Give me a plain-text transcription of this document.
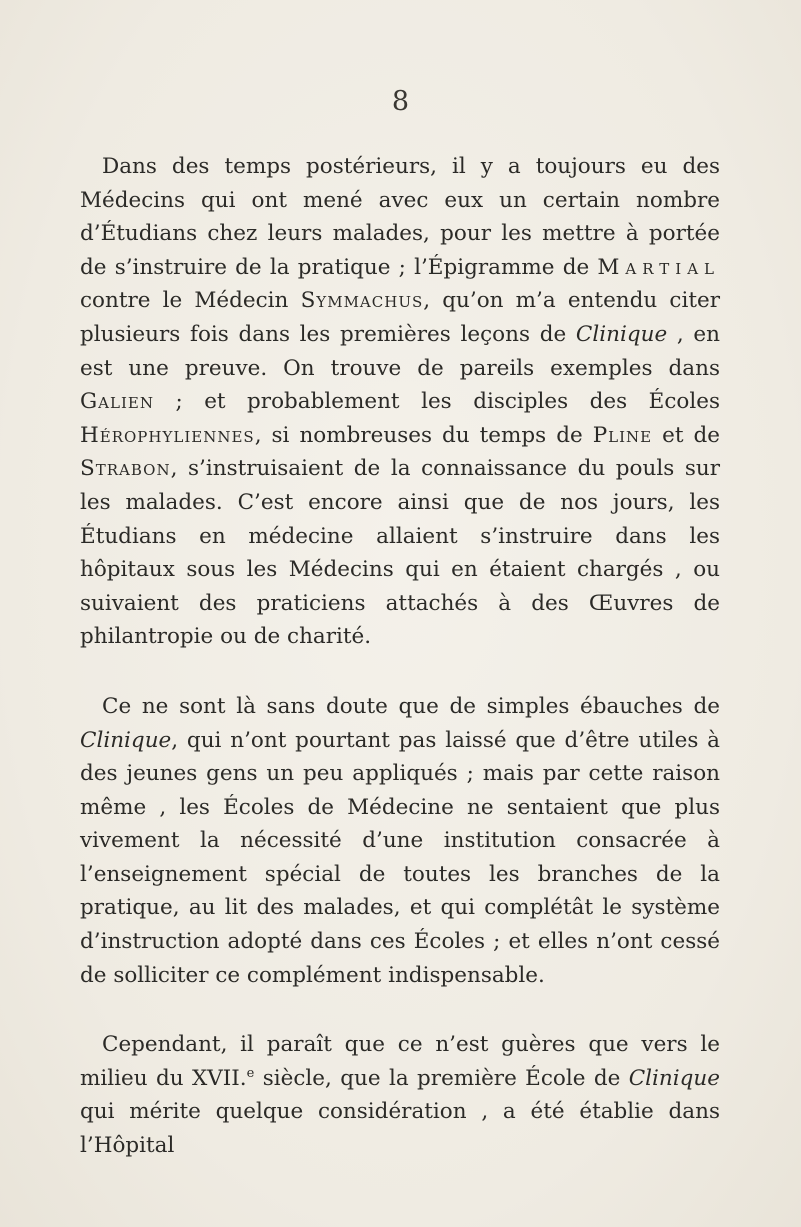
8

Dans des temps postérieurs, il y a toujours eu des Médecins qui ont mené avec eux un certain nombre d’Étudians chez leurs malades, pour les mettre à portée de s’instruire de la pratique ; l’Épigramme de Martial contre le Médecin Symmachus, qu’on m’a entendu citer plusieurs fois dans les premières leçons de Clinique , en est une preuve. On trouve de pareils exemples dans Galien ; et probablement les disciples des Écoles Hérophyliennes, si nombreuses du temps de Pline et de Strabon, s’instruisaient de la connaissance du pouls sur les malades. C’est encore ainsi que de nos jours, les Étudians en médecine allaient s’instruire dans les hôpitaux sous les Médecins qui en étaient chargés , ou suivaient des praticiens attachés à des Œuvres de philantropie ou de charité.

Ce ne sont là sans doute que de simples ébauches de Clinique, qui n’ont pourtant pas laissé que d’être utiles à des jeunes gens un peu appliqués ; mais par cette raison même , les Écoles de Médecine ne sentaient que plus vivement la nécessité d’une institution consacrée à l’enseignement spécial de toutes les branches de la pratique, au lit des malades, et qui complétât le système d’instruction adopté dans ces Écoles ; et elles n’ont cessé de solliciter ce complément indispensable.

Cependant, il paraît que ce n’est guères que vers le milieu du XVII.$^e$ siècle, que la première École de Clinique qui mérite quelque considération , a été établie dans l’Hôpital
